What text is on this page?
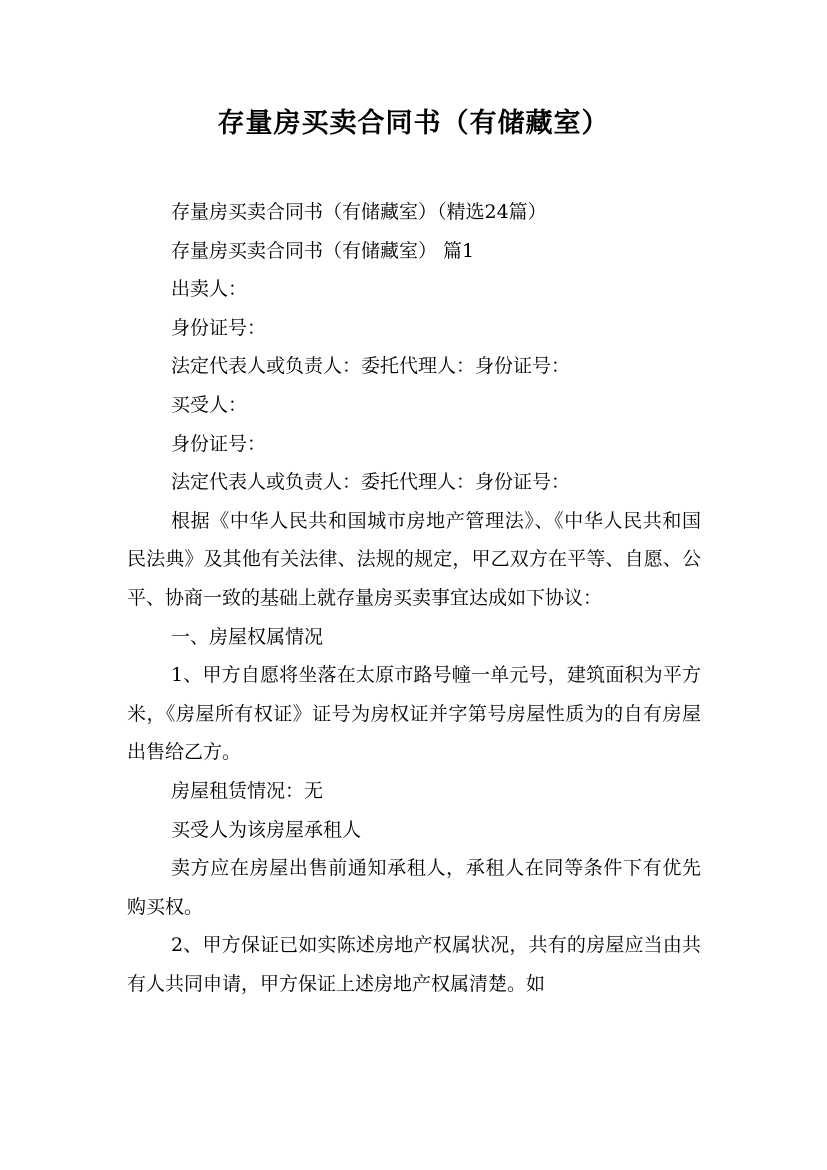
存量房买卖合同书（有储藏室）

存量房买卖合同书（有储藏室）（精选24篇）

存量房买卖合同书（有储藏室） 篇1

出卖人：

身份证号：

法定代表人或负责人：委托代理人：身份证号：

买受人：

身份证号：

法定代表人或负责人：委托代理人：身份证号：

根据《中华人民共和国城市房地产管理法》、《中华人民共和国民法典》及其他有关法律、法规的规定，甲乙双方在平等、自愿、公平、协商一致的基础上就存量房买卖事宜达成如下协议：

一、房屋权属情况

1、甲方自愿将坐落在太原市路号幢一单元号，建筑面积为平方米，《房屋所有权证》证号为房权证并字第号房屋性质为的自有房屋出售给乙方。

房屋租赁情况：无

买受人为该房屋承租人

卖方应在房屋出售前通知承租人，承租人在同等条件下有优先购买权。

2、甲方保证已如实陈述房地产权属状况，共有的房屋应当由共有人共同申请，甲方保证上述房地产权属清楚。如
